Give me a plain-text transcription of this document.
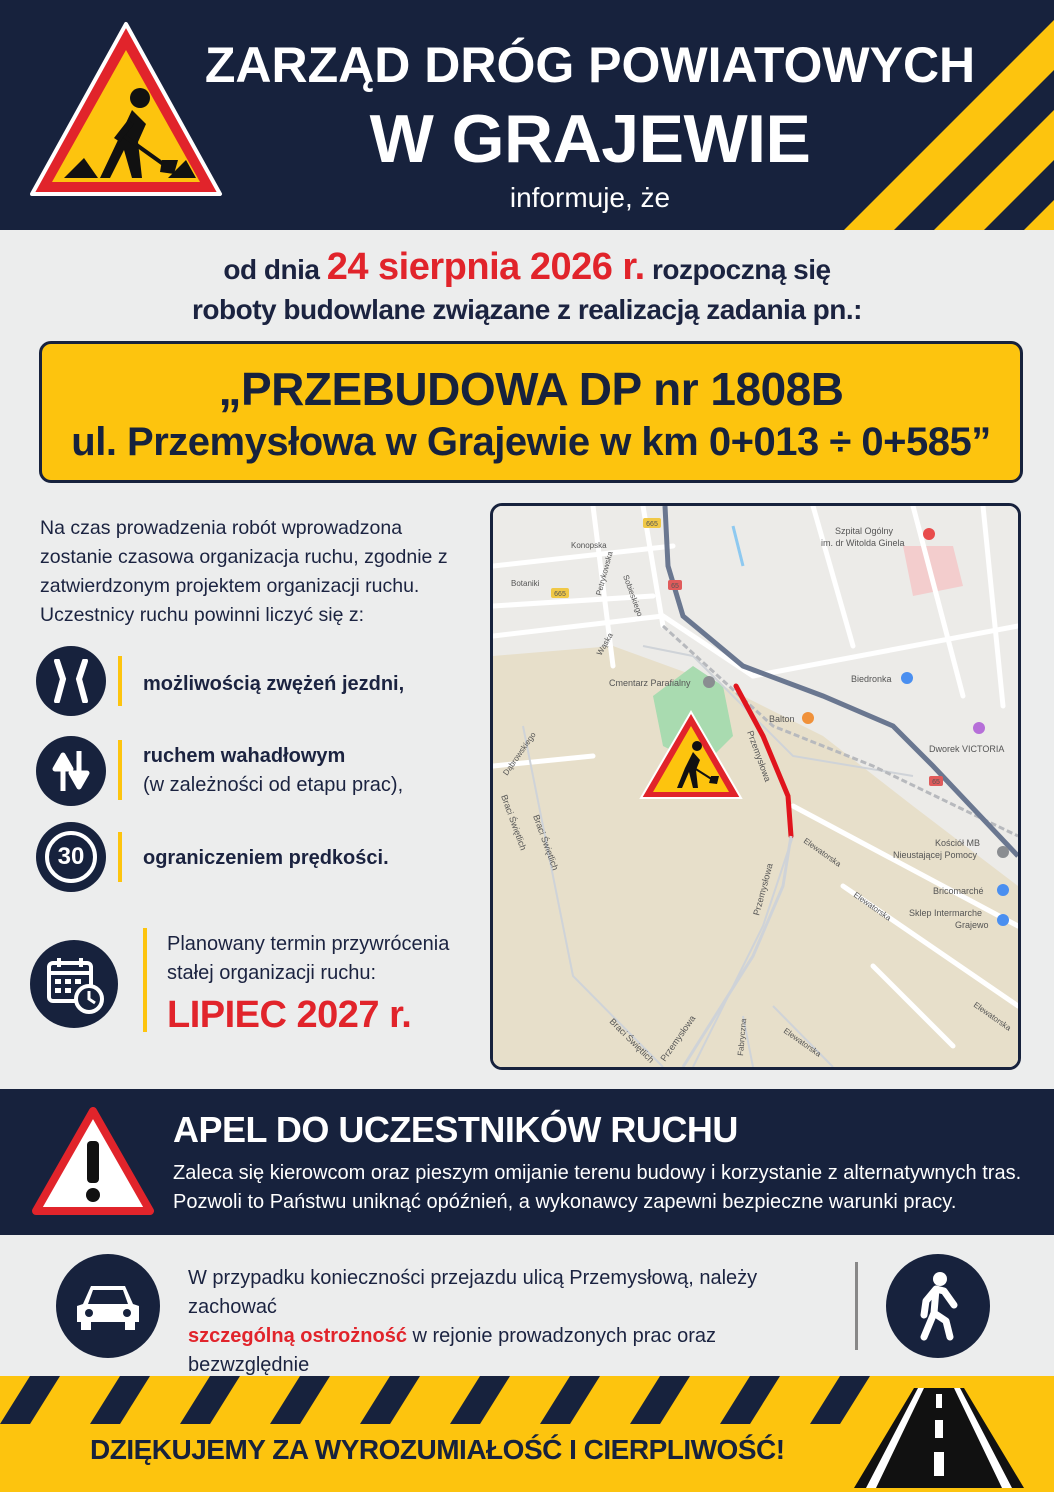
ZARZĄD DRÓG POWIATOWYCH
W GRAJEWIE
informuje, że
od dnia 24 sierpnia 2026 r. rozpoczną się
roboty budowlane związane z realizacją zadania pn.:
„PRZEBUDOWA DP nr 1808B
ul. Przemysłowa w Grajewie w km 0+013 ÷ 0+585”
Na czas prowadzenia robót wprowadzona zostanie czasowa organizacja ruchu, zgodnie z zatwierdzonym projektem organizacji ruchu. Uczestnicy ruchu powinni liczyć się z:
możliwością zwężeń jezdni,
ruchem wahadłowym
(w zależności od etapu prac),
30	ograniczeniem prędkości.
Planowany termin przywrócenia
stałej organizacji ruchu:
LIPIEC 2027 r.
65
65
665
665
Szpital Ogólny
im. dr Witolda Ginela
Konopska
Botaniki	Petrykowska Sobieskiego
Wąska
Cmentarz Parafialny	Biedronka
Balton
Dworek VICTORIA
Przemysłowa
Dąbrowskiego
Braci Świętlich Braci Świętlich
Braci Świętlich
Przemysłowa
Przemysłowa
Kościół MB
Nieustającej Pomocy
Bricomarché
Sklep Intermarche
Grajewo
Elewatorska
Elewatorska
Elewatorska
Elewatorska
Fabryczna
APEL DO UCZESTNIKÓW RUCHU
Zaleca się kierowcom oraz pieszym omijanie terenu budowy i korzystanie z alternatywnych tras.
Pozwoli to Państwu uniknąć opóźnień, a wykonawcy zapewni bezpieczne warunki pracy.
W przypadku konieczności przejazdu ulicą Przemysłową, należy zachować
szczególną ostrożność w rejonie prowadzonych prac oraz bezwzględnie
DZIĘKUJEMY ZA WYROZUMIAŁOŚĆ I CIERPLIWOŚĆ!
